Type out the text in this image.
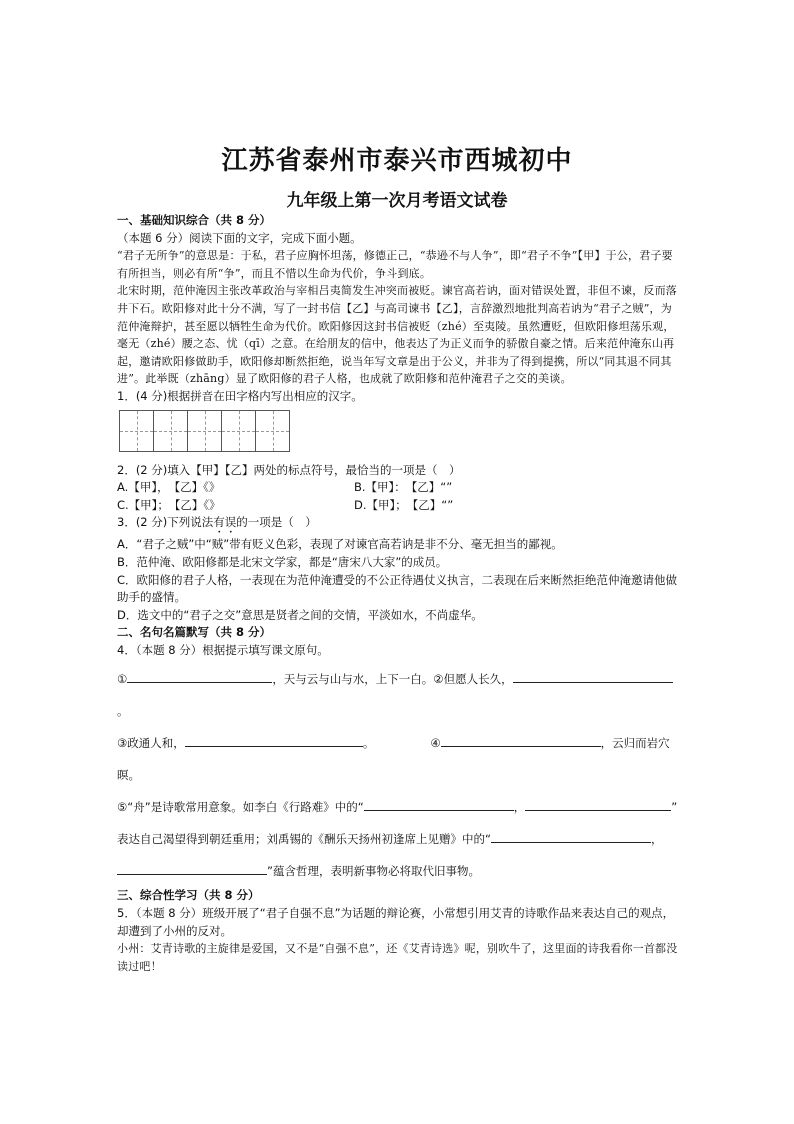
江苏省泰州市泰兴市西城初中
九年级上第一次月考语文试卷

一、基础知识综合（共 8 分）

（本题 6 分）阅读下面的文字，完成下面小题。

“君子无所争”的意思是：于私，君子应胸怀坦荡，修德正己，“恭逊不与人争”，即“君子不争”【甲】于公，君子要有所担当，则必有所“争”，而且不惜以生命为代价，争斗到底。

北宋时期，范仲淹因主张改革政治与宰相吕夷简发生冲突而被贬。谏官高若讷，面对错误处置，非但不谏，反而落井下石。欧阳修对此十分不满，写了一封书信【乙】与高司谏书【乙】，言辞激烈地批判高若讷为“君子之贼”，为范仲淹辩护，甚至愿以牺牲生命为代价。欧阳修因这封书信被贬（zhé）至夷陵。虽然遭贬，但欧阳修坦荡乐观，毫无（zhé）腰之态、忧（qī）之意。在给朋友的信中，他表达了为正义而争的骄傲自豪之情。后来范仲淹东山再起，邀请欧阳修做助手，欧阳修却断然拒绝，说当年写文章是出于公义，并非为了得到提携，所以“同其退不同其进”。此举既（zhāng）显了欧阳修的君子人格，也成就了欧阳修和范仲淹君子之交的美谈。

1．(4 分)根据拼音在田字格内写出相应的汉字。

2．(2 分)填入【甲】【乙】两处的标点符号，最恰当的一项是（　）

A.【甲】，　【乙】《》	B.【甲】：　【乙】“”
C.【甲】；　【乙】《》	D.【甲】；　【乙】“”

3．(2 分)下列说法有误的一项是（　）

A．“君子之贼”中“贼”带有贬义色彩，表现了对谏官高若讷是非不分、毫无担当的鄙视。

B．范仲淹、欧阳修都是北宋文学家，都是“唐宋八大家”的成员。

C．欧阳修的君子人格，一表现在为范仲淹遭受的不公正待遇仗义执言，二表现在后来断然拒绝范仲淹邀请他做助手的盛情。

D．选文中的“君子之交”意思是贤者之间的交情，平淡如水，不尚虚华。

二、名句名篇默写（共 8 分）

4．（本题 8 分）根据提示填写课文原句。

①	，天与云与山与水，上下一白。②但愿人长久，。
③政通人和，	。	④	，云归而岩穴
暝。
⑤“舟”是诗歌常用意象。如李白《行路难》中的“	，	”
表达自己渴望得到朝廷重用；刘禹锡的《酬乐天扬州初逢席上见赠》中的“	，
”蕴含哲理，表明新事物必将取代旧事物。

三、综合性学习（共 8 分）

5．（本题 8 分）班级开展了“君子自强不息”为话题的辩论赛，小常想引用艾青的诗歌作品来表达自己的观点，却遭到了小州的反对。

小州：艾青诗歌的主旋律是爱国，又不是“自强不息”，还《艾青诗选》呢，别吹牛了，这里面的诗我看你一首都没读过吧！
